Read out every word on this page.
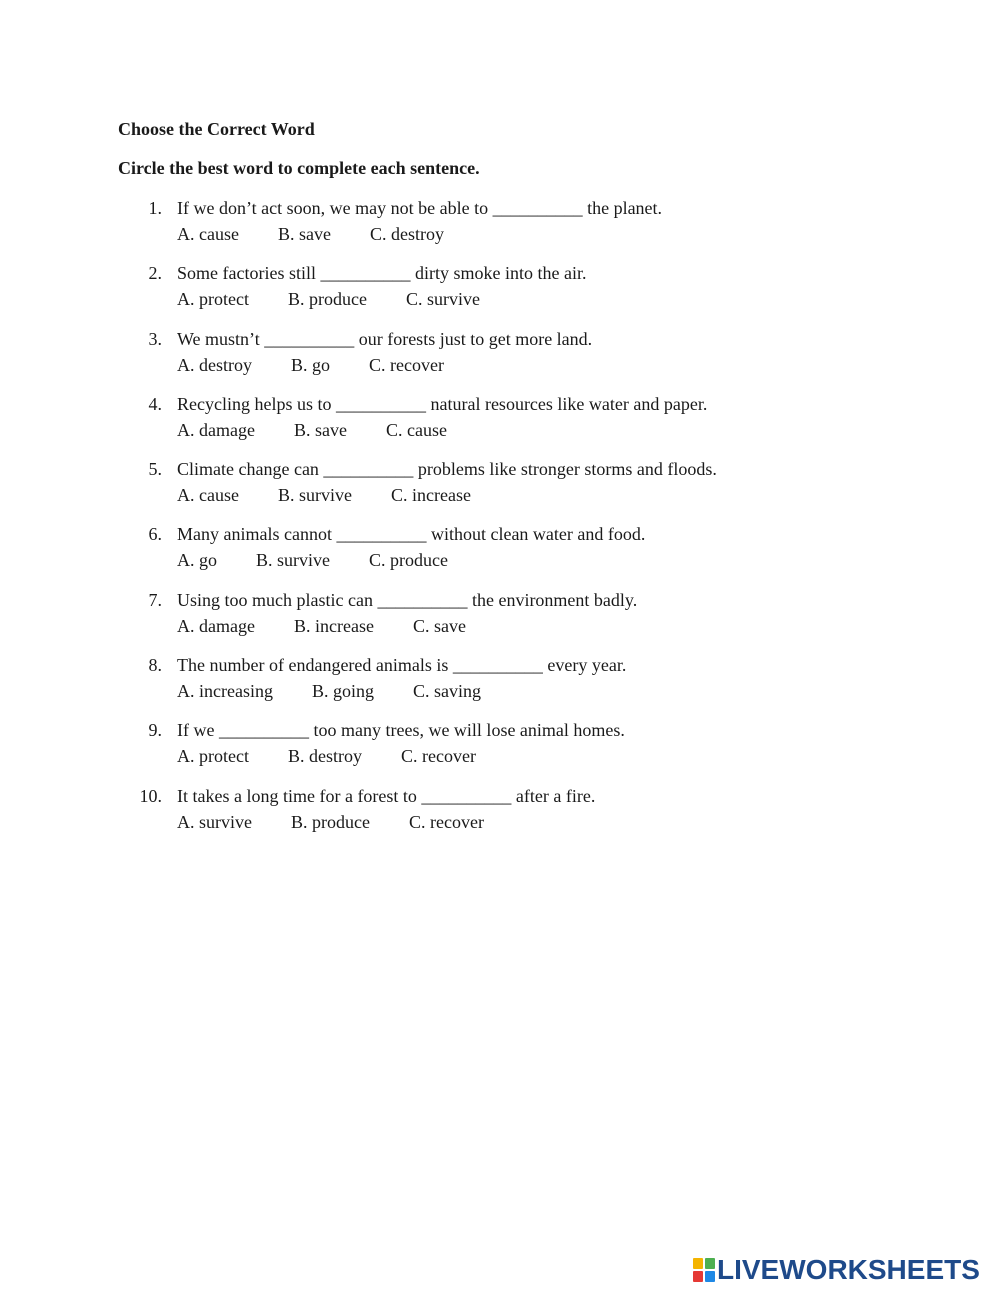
Choose the Correct Word

Circle the best word to complete each sentence.

1. If we don’t act soon, we may not be able to __________ the planet.
A. cause B. save C. destroy
2. Some factories still __________ dirty smoke into the air.
A. protect B. produce C. survive
3. We mustn’t __________ our forests just to get more land.
A. destroy B. go C. recover
4. Recycling helps us to __________ natural resources like water and paper.
A. damage B. save C. cause
5. Climate change can __________ problems like stronger storms and floods.
A. cause B. survive C. increase
6. Many animals cannot __________ without clean water and food.
A. go B. survive C. produce
7. Using too much plastic can __________ the environment badly.
A. damage B. increase C. save
8. The number of endangered animals is __________ every year.
A. increasing B. going C. saving
9. If we __________ too many trees, we will lose animal homes.
A. protect B. destroy C. recover
10. It takes a long time for a forest to __________ after a fire.
A. survive B. produce C. recover
LIVEWORKSHEETS
